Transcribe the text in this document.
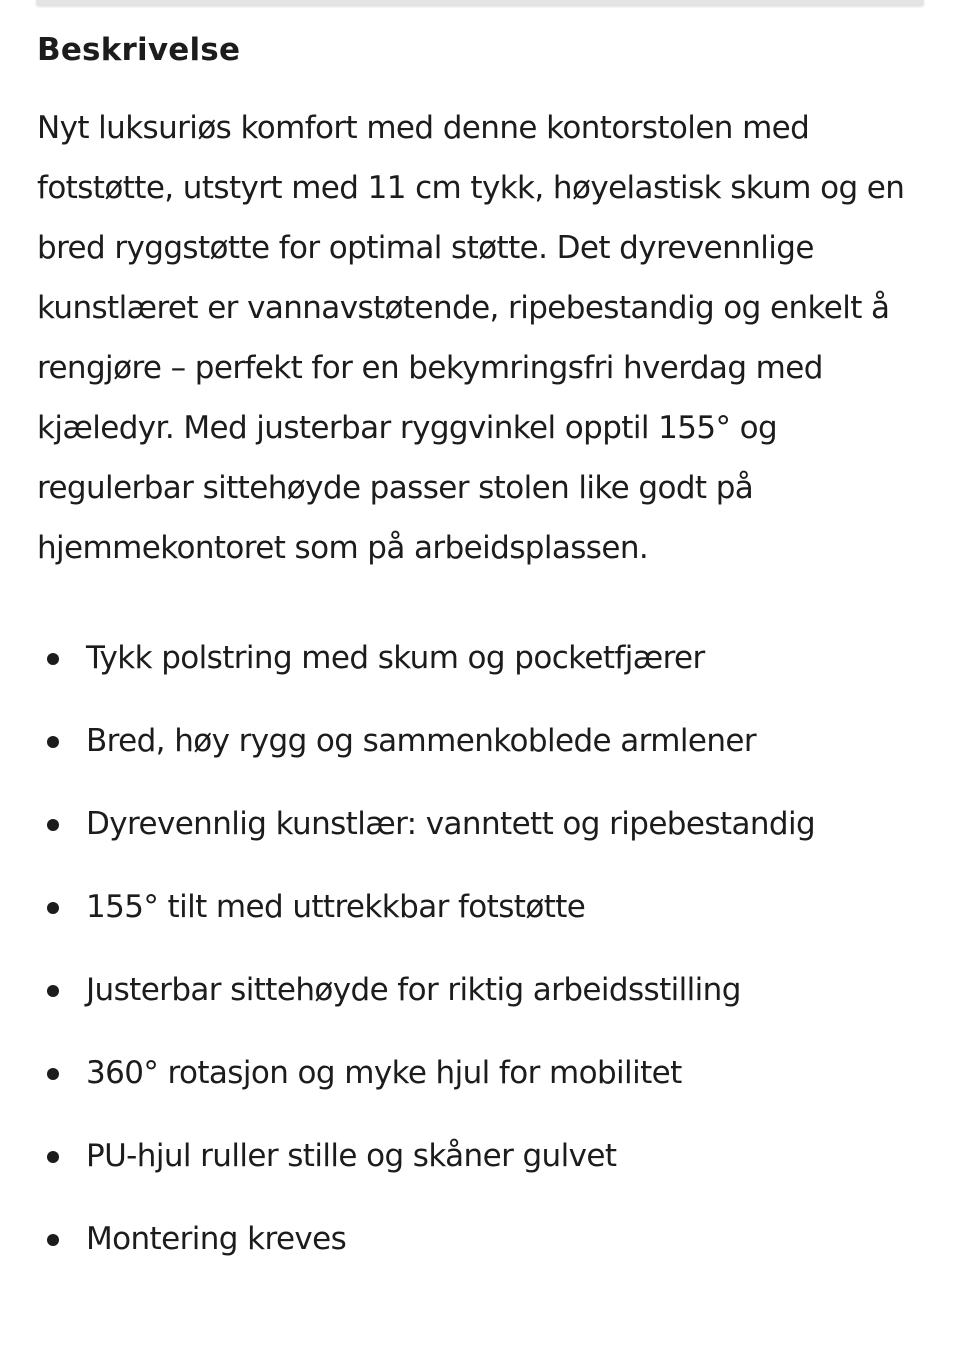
Beskrivelse

Nyt luksuriøs komfort med denne kontorstolen med fotstøtte, utstyrt med 11 cm tykk, høyelastisk skum og en bred ryggstøtte for optimal støtte. Det dyrevennlige kunstlæret er vannavstøtende, ripebestandig og enkelt å rengjøre – perfekt for en bekymringsfri hverdag med kjæledyr. Med justerbar ryggvinkel opptil 155° og regulerbar sittehøyde passer stolen like godt på hjemmekontoret som på arbeidsplassen.

Tykk polstring med skum og pocketfjærer
Bred, høy rygg og sammenkoblede armlener
Dyrevennlig kunstlær: vanntett og ripebestandig
155° tilt med uttrekkbar fotstøtte
Justerbar sittehøyde for riktig arbeidsstilling
360° rotasjon og myke hjul for mobilitet
PU-hjul ruller stille og skåner gulvet
Montering kreves
